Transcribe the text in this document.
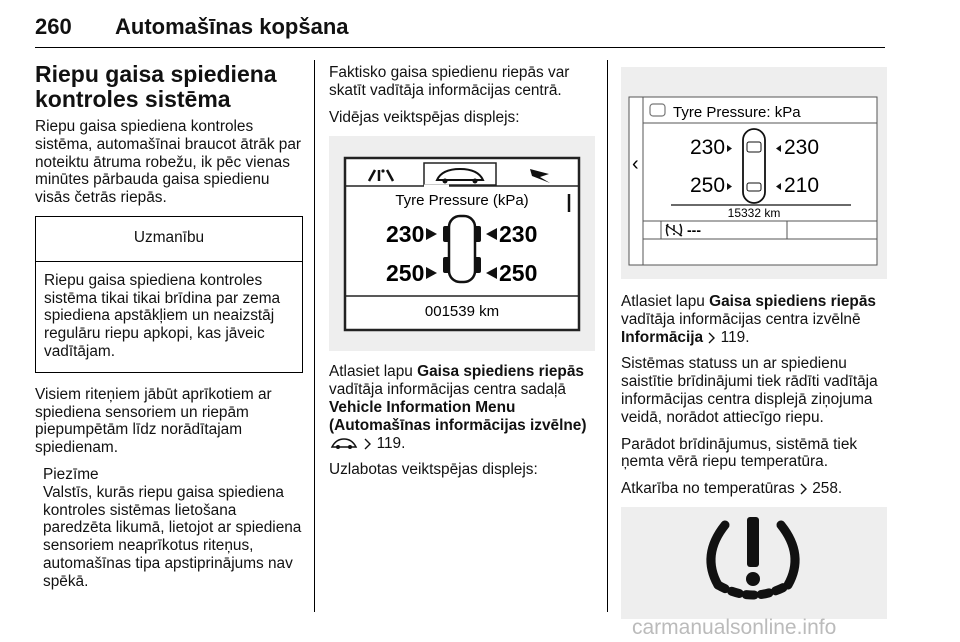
260 Automašīnas kopšana
Riepu gaisa spiediena kontroles sistēma

Riepu gaisa spiediena kontroles sistēma, automašīnai braucot ātrāk par noteiktu ātruma robežu, ik pēc vienas minūtes pārbauda gaisa spiedienu visās četrās riepās.

Uzmanību
Riepu gaisa spiediena kontroles sistēma tikai tikai brīdina par zema spiediena apstākļiem un neaizstāj regulāru riepu apkopi, kas jāveic vadītājam.

Visiem riteņiem jābūt aprīkotiem ar spiediena sensoriem un riepām piepumpētām līdz norādītajam spiedienam.

Piezīme

Valstīs, kurās riepu gaisa spiediena kontroles sistēmas lietošana paredzēta likumā, lietojot ar spiediena sensoriem neaprīkotus riteņus, automašīnas tipa apstiprinājums nav spēkā.

Faktisko gaisa spiedienu riepās var skatīt vadītāja informācijas centrā.

Vidējas veiktspējas displejs:

Tyre Pressure (kPa)
230	230
250	250
001539 km

Atlasiet lapu Gaisa spiediens riepās vadītāja informācijas centra sadaļā Vehicle Information Menu (Automašīnas informācijas izvēlne)   119.

Uzlabotas veiktspējas displejs:

‹
Tyre Pressure: kPa
230	230
250	210
15332 km
---

Atlasiet lapu Gaisa spiediens riepās vadītāja informācijas centra izvēlnē Informācija 119.

Sistēmas statuss un ar spiedienu saistītie brīdinājumi tiek rādīti vadītāja informācijas centra displejā ziņojuma veidā, norādot attiecīgo riepu.

Parādot brīdinājumus, sistēmā tiek ņemta vērā riepu temperatūra.

Atkarība no temperatūras  258.

carmanualsonline.info
